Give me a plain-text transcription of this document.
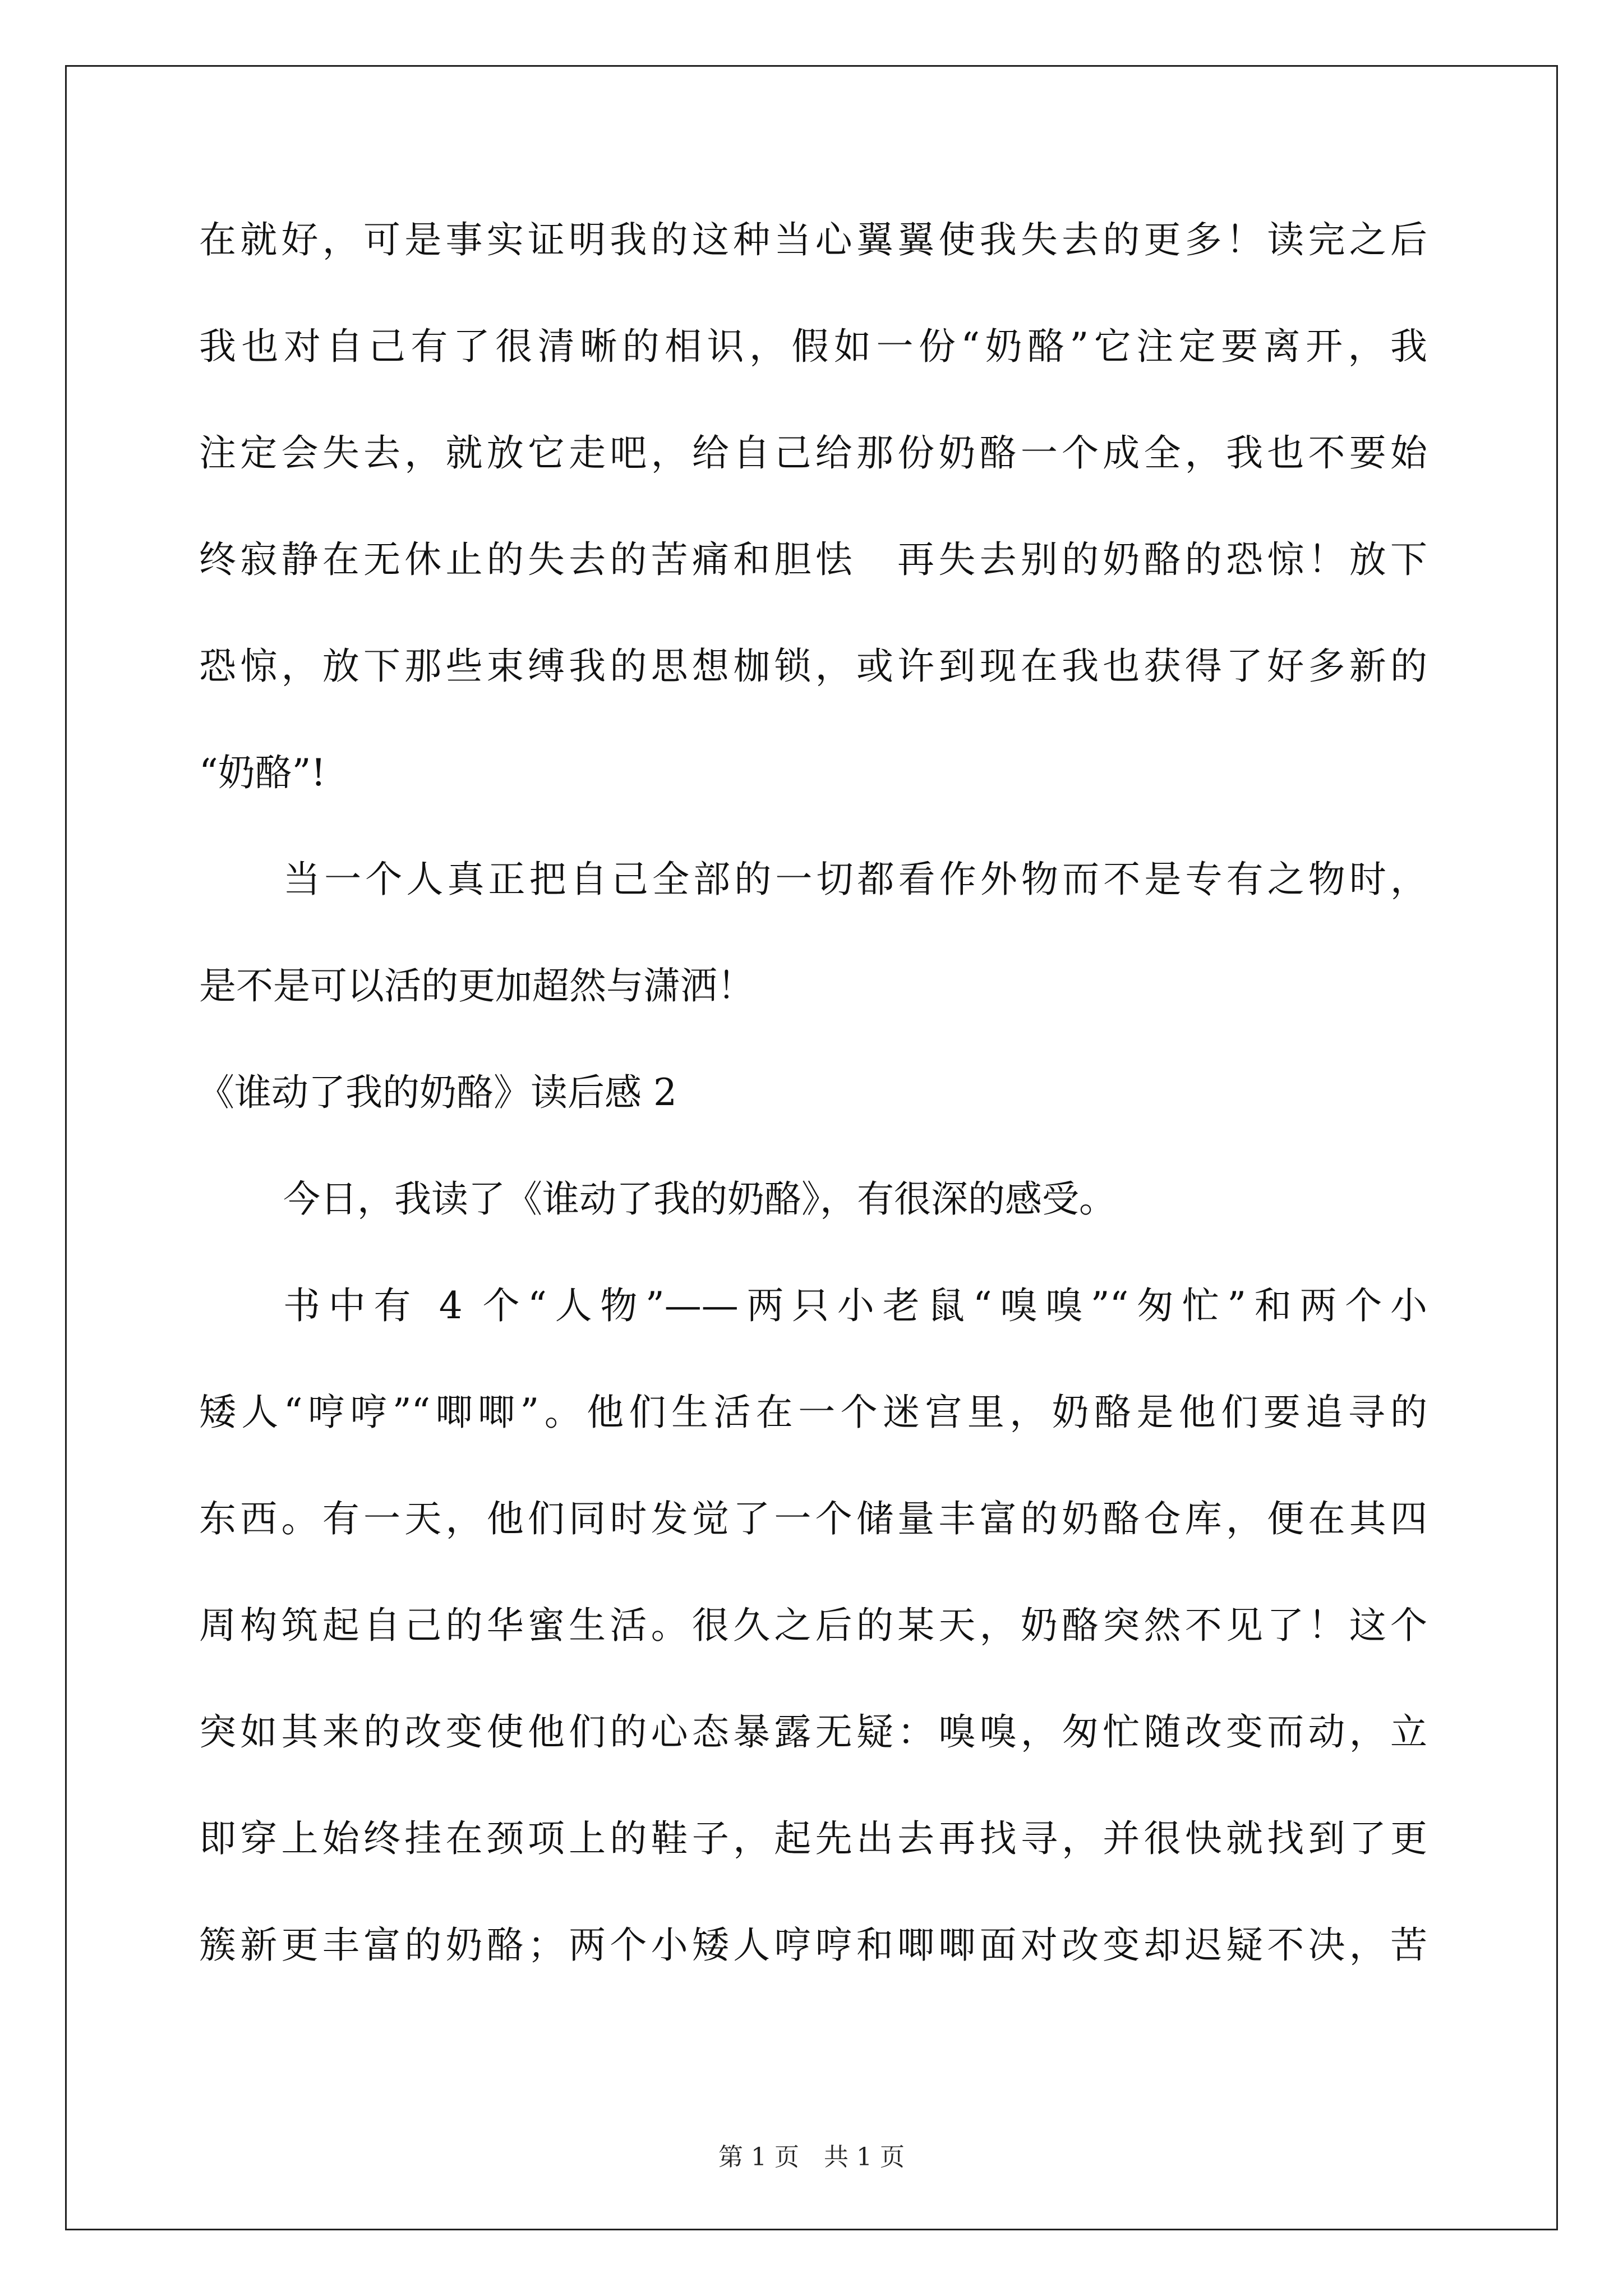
在就好，可是事实证明我的这种当心翼翼使我失去的更多！读完之后
我也对自己有了很清晰的相识，假如一份“奶酪”它注定要离开，我
注定会失去，就放它走吧，给自己给那份奶酪一个成全，我也不要始
终寂静在无休止的失去的苦痛和胆怯　再失去别的奶酪的恐惊！放下
恐惊，放下那些束缚我的思想枷锁，或许到现在我也获得了好多新的
“奶酪”!
当一个人真正把自己全部的一切都看作外物而不是专有之物时，
是不是可以活的更加超然与潇洒！
《谁动了我的奶酪》读后感 2
今日，我读了《谁动了我的奶酪》，有很深的感受。
书中有 4 个“人物”——两只小老鼠“嗅嗅”“匆忙”和两个小
矮人“哼哼”“唧唧”。他们生活在一个迷宫里，奶酪是他们要追寻的
东西。有一天，他们同时发觉了一个储量丰富的奶酪仓库，便在其四
周构筑起自己的华蜜生活。很久之后的某天，奶酪突然不见了！这个
突如其来的改变使他们的心态暴露无疑：嗅嗅，匆忙随改变而动，立
即穿上始终挂在颈项上的鞋子，起先出去再找寻，并很快就找到了更
簇新更丰富的奶酪；两个小矮人哼哼和唧唧面对改变却迟疑不决，苦
第 1 页　共 1 页
